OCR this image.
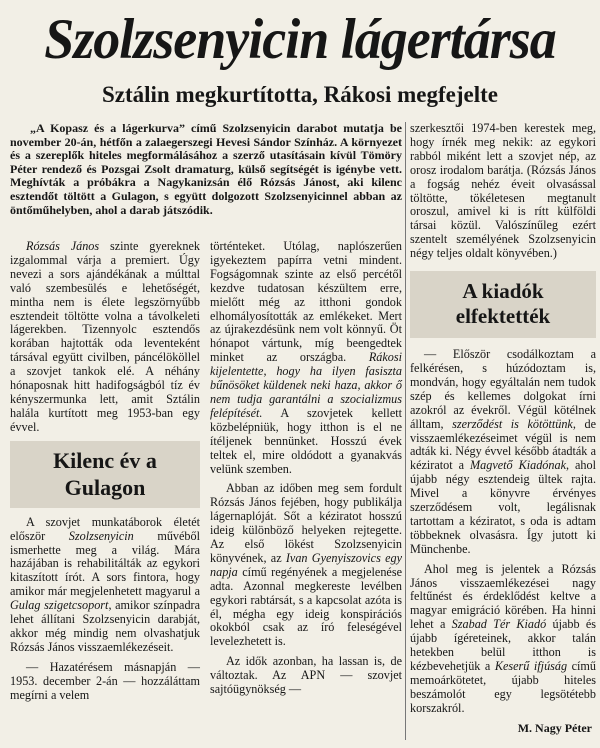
Szolzsenyicin lágertársa
Sztálin megkurtította, Rákosi megfejelte

„A Kopasz és a lágerkurva” című Szolzsenyicin darabot mutatja be november 20-án, hétfőn a zalaegerszegi Hevesi Sándor Színház. A környezet és a szereplők hiteles megformálásához a szerző utasításain kívül Tömöry Péter rendező és Pozsgai Zsolt dramaturg, külső segítségét is igénybe vett. Meghívták a próbákra a Nagykanizsán élő Rózsás Jánost, aki kilenc esztendőt töltött a Gulagon, s együtt dolgozott Szolzsenyicinnel abban az öntőműhelyben, ahol a darab játszódik.

Rózsás János szinte gyereknek izgalommal várja a premiert. Úgy nevezi a sors ajándékának a múlttal való szembesülés e lehetőségét, mintha nem is élete legszörnyűbb esztendeit töltötte volna a távolkeleti lágerekben. Tizennyolc esztendős korában hajtották oda leventeként társával együtt civilben, páncélököllel a szovjet tankok elé. A néhány hónaposnak hitt hadifogságból tíz év kényszermunka lett, amit Sztálin halála kurtított meg 1953-ban egy évvel.

Kilenc év a Gulagon

A szovjet munkatáborok életét először Szolzsenyicin művéből ismerhette meg a világ. Mára hazájában is rehabilitálták az egykori kitaszított írót. A sors fintora, hogy amikor már megjelenhetett magyarul a Gulag szigetcsoport, amikor színpadra lehet állítani Szolzsenyicin darabját, akkor még mindig nem olvashatjuk Rózsás János visszaemlékezéseit.

— Hazatérésem másnapján — 1953. december 2-án — hozzáláttam megírni a velem

történteket. Utólag, naplószerűen igyekeztem papírra vetni mindent. Fogságomnak szinte az első percétől kezdve tudatosan készültem erre, mielőtt még az itthoni gondok elhomályosították az emlékeket. Mert az újrakezdésünk nem volt könnyű. Öt hónapot vártunk, míg beengedtek minket az országba. Rákosi kijelentette, hogy ha ilyen fasiszta bűnösöket küldenek neki haza, akkor ő nem tudja garantálni a szocializmus felépítését. A szovjetek kellett közbelépniük, hogy itthon is el ne ítéljenek bennünket. Hosszú évek teltek el, mire oldódott a gyanakvás velünk szemben.

Abban az időben meg sem fordult Rózsás János fejében, hogy publikálja lágernaplóját. Sőt a kéziratot hosszú ideig különböző helyeken rejtegette. Az első lökést Szolzsenyicin könyvének, az Ivan Gyenyiszovics egy napja című regényének a megjelenése adta. Azonnal megkereste levélben egykori rabtársát, s a kapcsolat azóta is él, mégha egy ideig konspirációs okokból csak az író feleségével levelezhetett is.

Az idők azonban, ha lassan is, de változtak. Az APN — szovjet sajtóügynökség —

szerkesztői 1974-ben kerestek meg, hogy írnék meg nekik: az egykori rabból miként lett a szovjet nép, az orosz irodalom barátja. (Rózsás János a fogság nehéz éveit olvasással töltötte, tökéletesen megtanult oroszul, amivel ki is rítt külföldi társai közül. Valószínűleg ezért szentelt személyének Szolzsenyicin négy teljes oldalt könyvében.)

A kiadók elfektették

— Először csodálkoztam a felkérésen, s húzódoztam is, mondván, hogy egyáltalán nem tudok szép és kellemes dolgokat írni azokról az évekről. Végül kötélnek álltam, szerződést is kötöttünk, de visszaemlékezéseimet végül is nem adták ki. Négy évvel később átadták a kéziratot a Magvető Kiadónak, ahol újabb négy esztendeig ültek rajta. Mivel a könyvre érvényes szerződésem volt, legálisnak tartottam a kéziratot, s oda is adtam többeknek olvasásra. Így jutott ki Münchenbe.

Ahol meg is jelentek a Rózsás János visszaemlékezései nagy feltűnést és érdeklődést keltve a magyar emigráció körében. Ha hinni lehet a Szabad Tér Kiadó újabb és újabb ígéreteinek, akkor talán hetekben belül itthon is kézbevehetjük a Keserű ifjúság című memoárkötetet, újabb hiteles beszámolót egy legsötétebb korszakról.

M. Nagy Péter
